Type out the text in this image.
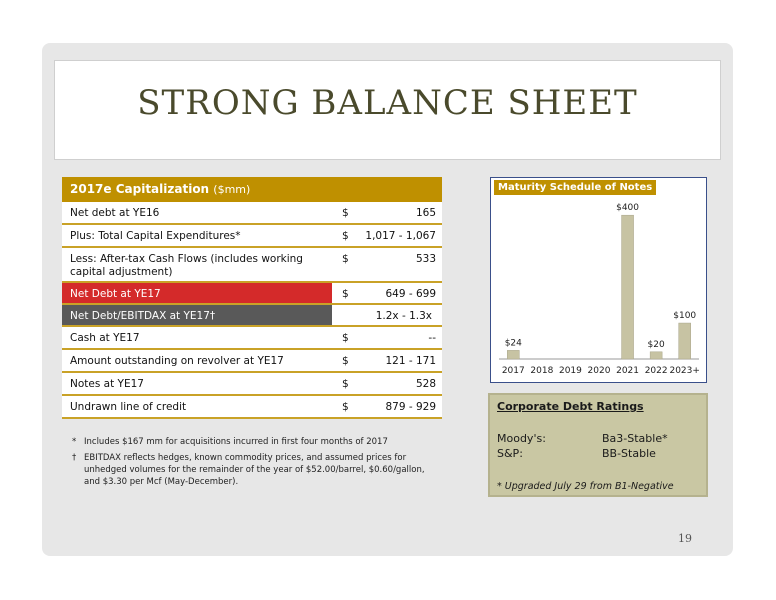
STRONG BALANCE SHEET
2017e Capitalization ($mm)
Net debt at YE16	$	165
Plus: Total Capital Expenditures*	$ 1,017 - 1,067
Less: After-tax Cash Flows (includes working capital adjustment)
$	533
Net Debt at YE17	$	649 - 699
Net Debt/EBITDAX at YE17†	1.2x - 1.3x
Cash at YE17	$	--
Amount outstanding on revolver at YE17	$	121 - 171
Notes at YE17	$	528
Undrawn line of credit	$	879 - 929
* Includes $167 mm for acquisitions incurred in first four months of 2017
† EBITDAX reflects hedges, known commodity prices, and assumed prices for unhedged volumes for the remainder of the year of $52.00/barrel, $0.60/gallon, and $3.30 per Mcf (May-December).
$24
2017 2018 2019 2020
$400
2021
$20
2022
$100
2023+
Maturity Schedule of Notes
Corporate Debt Ratings
Moody's:	Ba3-Stable*
S&P:	BB-Stable
* Upgraded July 29 from B1-Negative
19
